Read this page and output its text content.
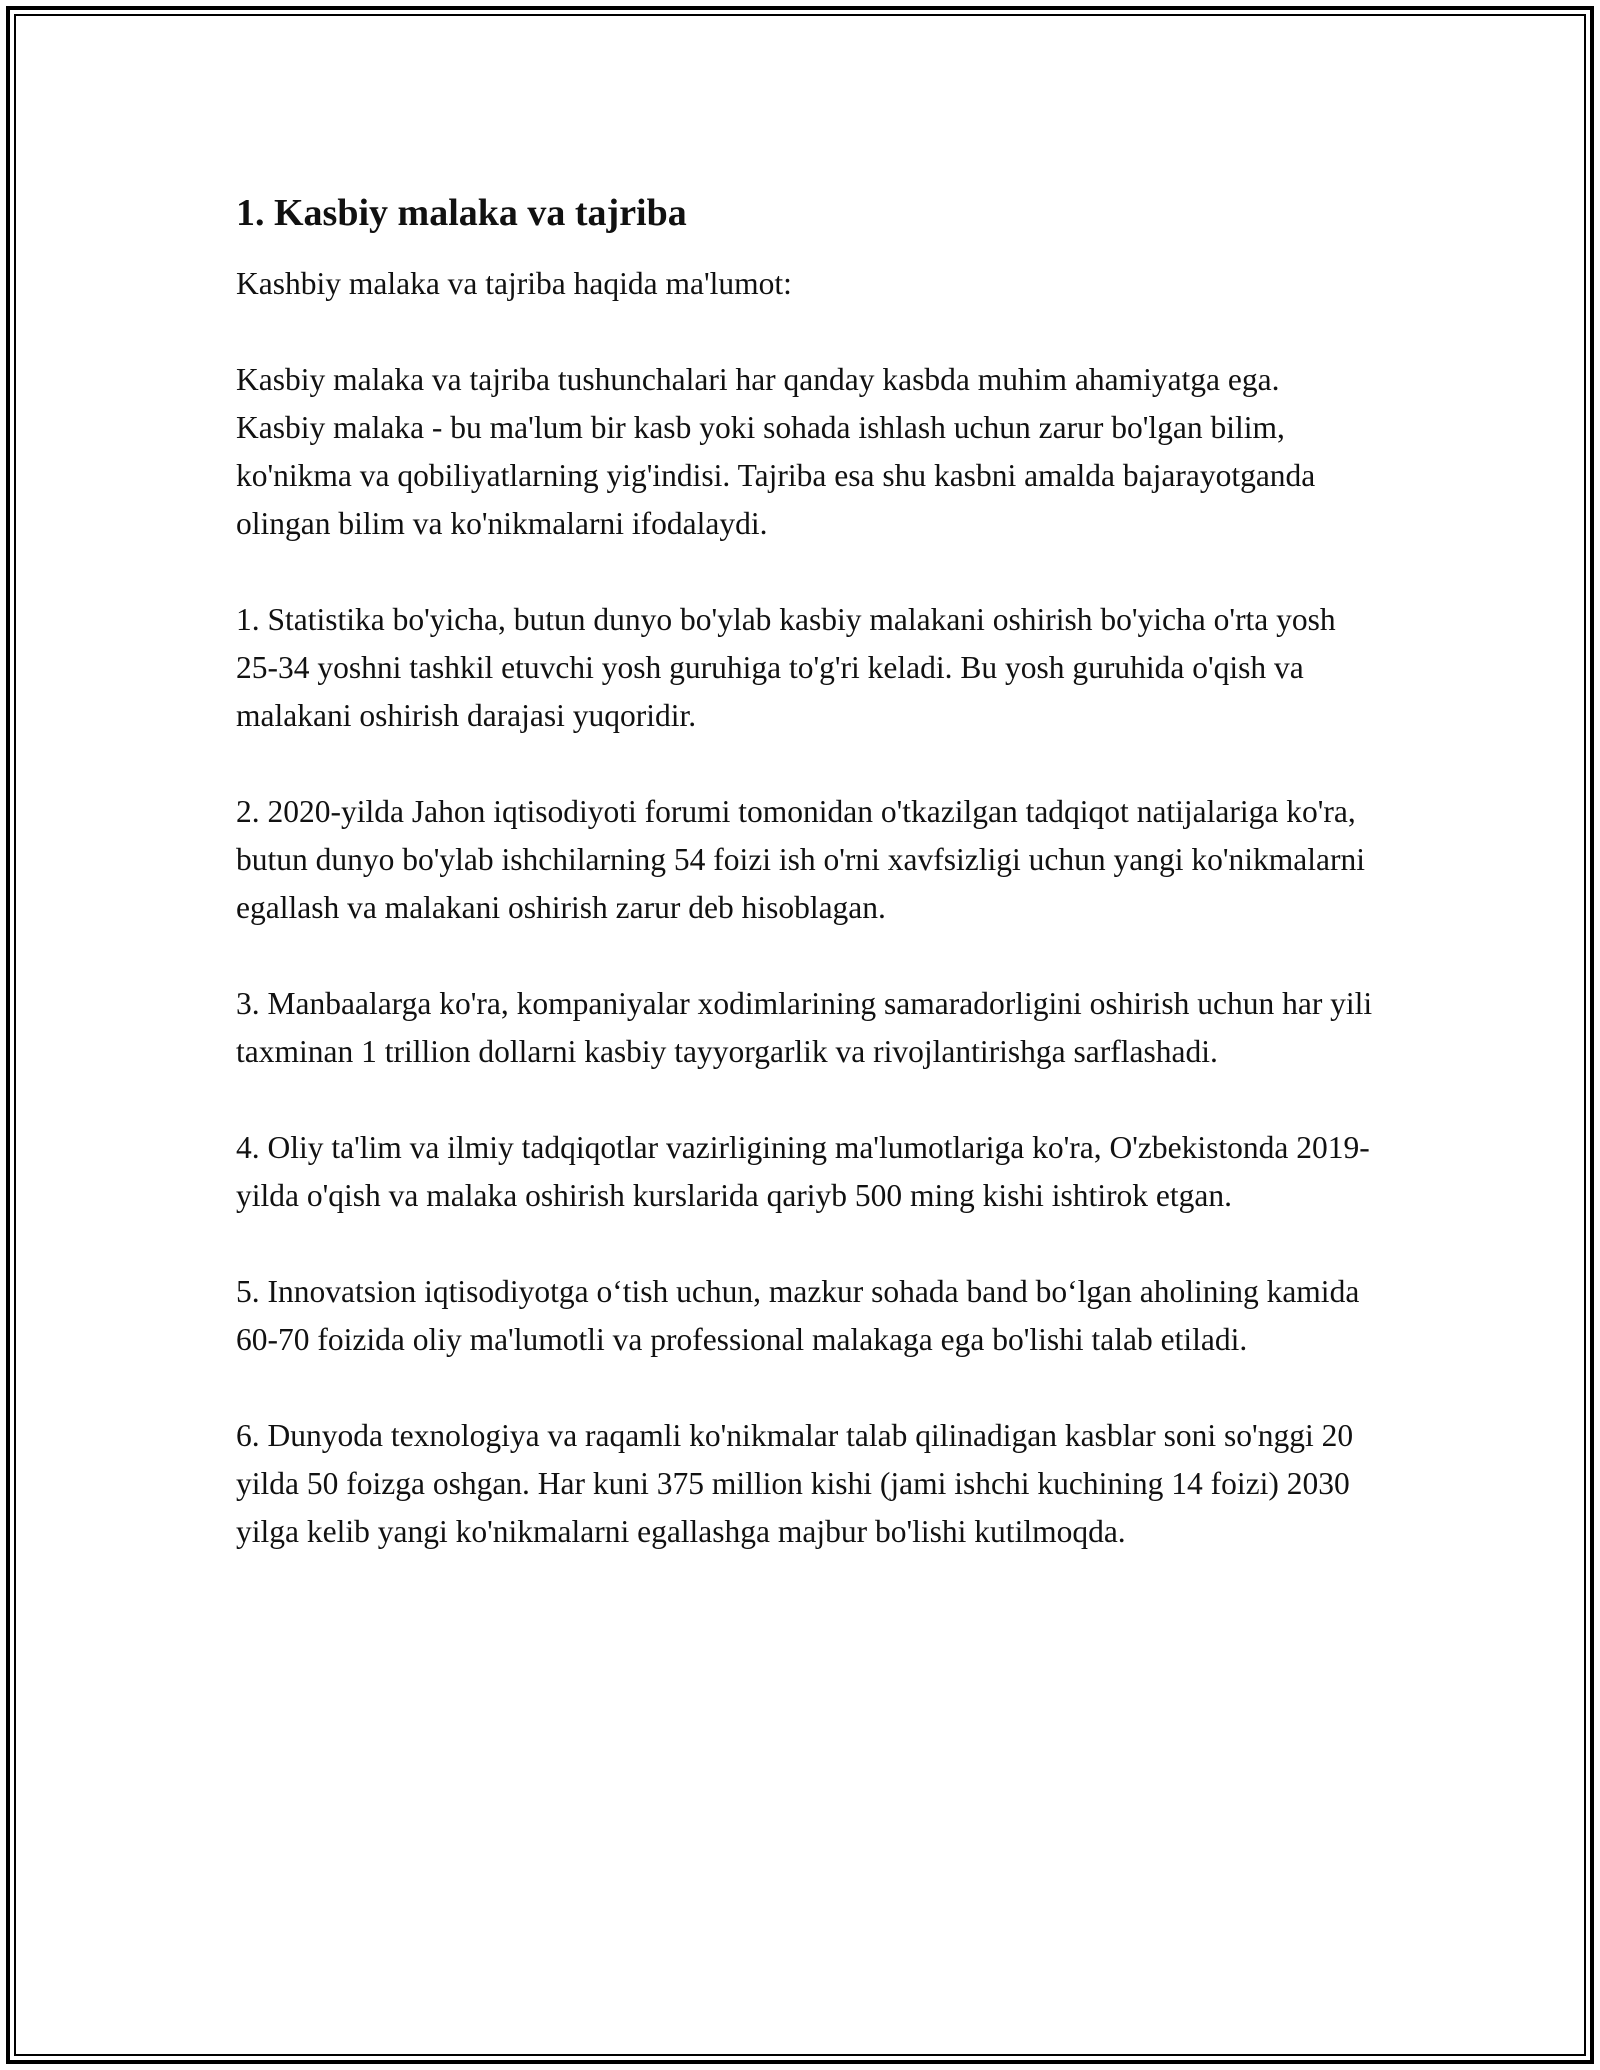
1. Kasbiy malaka va tajriba

Kashbiy malaka va tajriba haqida ma'lumot:

Kasbiy malaka va tajriba tushunchalari har qanday kasbda muhim ahamiyatga ega. Kasbiy malaka - bu ma'lum bir kasb yoki sohada ishlash uchun zarur bo'lgan bilim, ko'nikma va qobiliyatlarning yig'indisi. Tajriba esa shu kasbni amalda bajarayotganda olingan bilim va ko'nikmalarni ifodalaydi.

1. Statistika bo'yicha, butun dunyo bo'ylab kasbiy malakani oshirish bo'yicha o'rta yosh 25-34 yoshni tashkil etuvchi yosh guruhiga to'g'ri keladi. Bu yosh guruhida o'qish va malakani oshirish darajasi yuqoridir.

2. 2020-yilda Jahon iqtisodiyoti forumi tomonidan o'tkazilgan tadqiqot natijalariga ko'ra, butun dunyo bo'ylab ishchilarning 54 foizi ish o'rni xavfsizligi uchun yangi ko'nikmalarni egallash va malakani oshirish zarur deb hisoblagan.

3. Manbaalarga ko'ra, kompaniyalar xodimlarining samaradorligini oshirish uchun har yili taxminan 1 trillion dollarni kasbiy tayyorgarlik va rivojlantirishga sarflashadi.

4. Oliy ta'lim va ilmiy tadqiqotlar vazirligining ma'lumotlariga ko'ra, O'zbekistonda 2019-yilda o'qish va malaka oshirish kurslarida qariyb 500 ming kishi ishtirok etgan.

5. Innovatsion iqtisodiyotga o‘tish uchun, mazkur sohada band bo‘lgan aholining kamida 60-70 foizida oliy ma'lumotli va professional malakaga ega bo'lishi talab etiladi.

6. Dunyoda texnologiya va raqamli ko'nikmalar talab qilinadigan kasblar soni so'nggi 20 yilda 50 foizga oshgan. Har kuni 375 million kishi (jami ishchi kuchining 14 foizi) 2030 yilga kelib yangi ko'nikmalarni egallashga majbur bo'lishi kutilmoqda.
